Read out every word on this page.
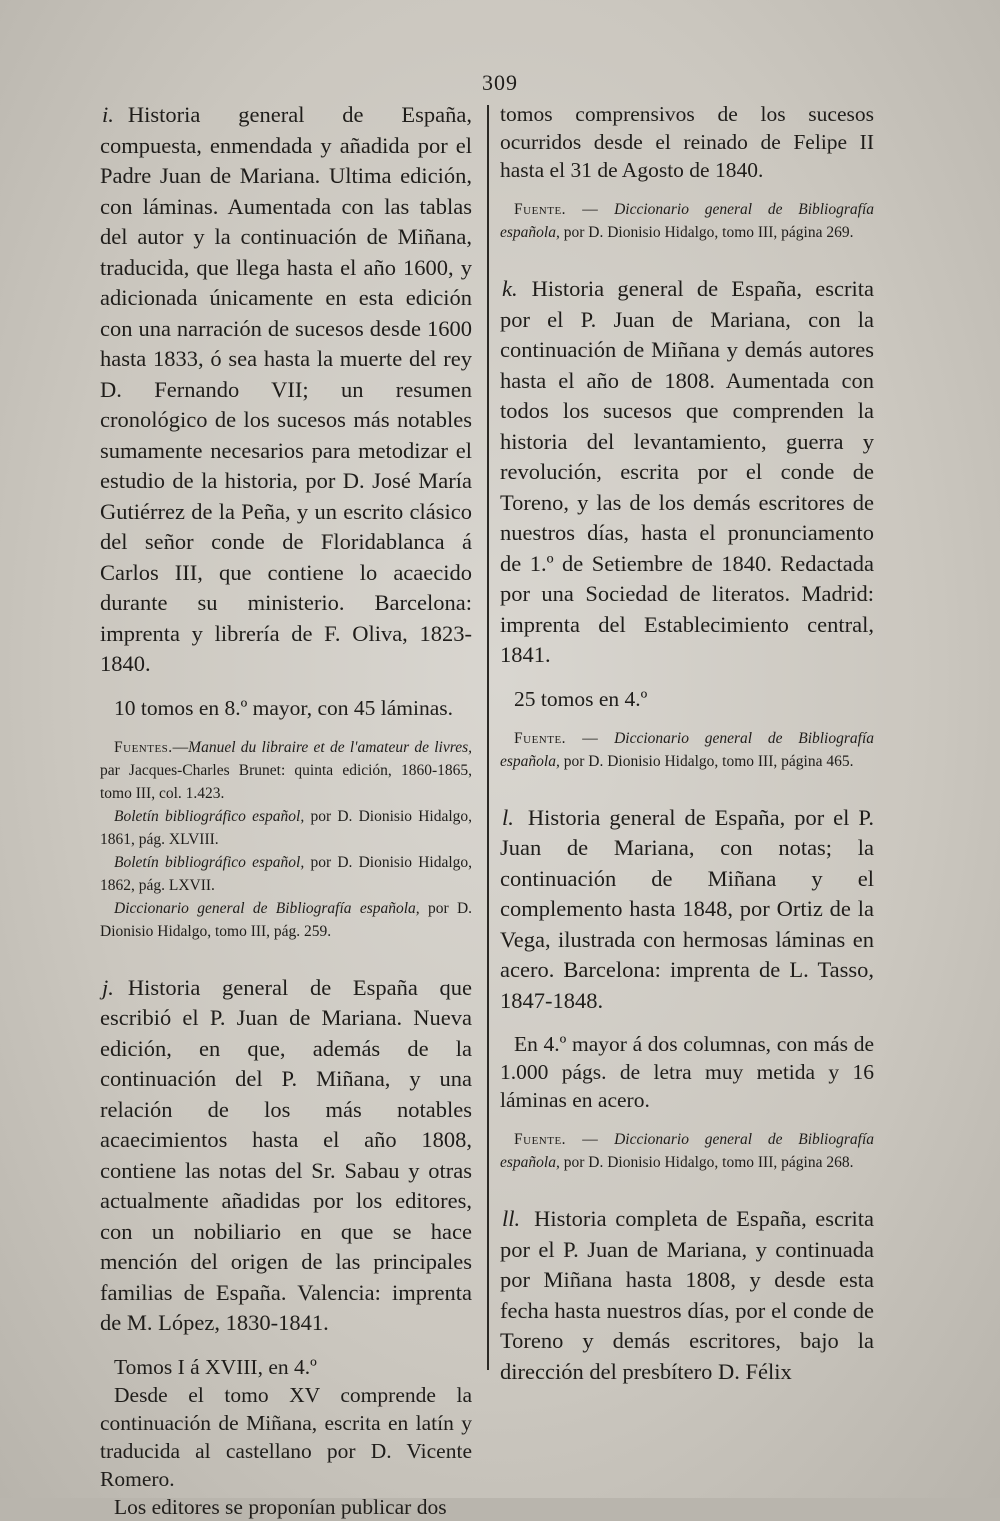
309
i. Historia general de España, compuesta, enmendada y añadida por el Padre Juan de Mariana. Ultima edición, con láminas. Aumentada con las tablas del autor y la continuación de Miñana, traducida, que llega hasta el año 1600, y adicionada únicamente en esta edición con una narración de sucesos desde 1600 hasta 1833, ó sea hasta la muerte del rey D. Fernando VII; un resumen cronológico de los sucesos más notables sumamente necesarios para metodizar el estudio de la historia, por D. José María Gutiérrez de la Peña, y un escrito clásico del señor conde de Floridablanca á Carlos III, que contiene lo acaecido durante su ministerio. Barcelona: imprenta y librería de F. Oliva, 1823-1840.
10 tomos en 8.º mayor, con 45 láminas.
Fuentes.—Manuel du libraire et de l'amateur de livres, par Jacques-Charles Brunet: quinta edición, 1860-1865, tomo III, col. 1.423.
Boletín bibliográfico español, por D. Dionisio Hidalgo, 1861, pág. XLVIII.
Boletín bibliográfico español, por D. Dionisio Hidalgo, 1862, pág. LXVII.
Diccionario general de Bibliografía española, por D. Dionisio Hidalgo, tomo III, pág. 259.
j. Historia general de España que escribió el P. Juan de Mariana. Nueva edición, en que, además de la continuación del P. Miñana, y una relación de los más notables acaecimientos hasta el año 1808, contiene las notas del Sr. Sabau y otras actualmente añadidas por los editores, con un nobiliario en que se hace mención del origen de las principales familias de España. Valencia: imprenta de M. López, 1830-1841.
Tomos I á XVIII, en 4.º
Desde el tomo XV comprende la continuación de Miñana, escrita en latín y traducida al castellano por D. Vicente Romero.
Los editores se proponían publicar dos
tomos comprensivos de los sucesos ocurridos desde el reinado de Felipe II hasta el 31 de Agosto de 1840.
Fuente. — Diccionario general de Bibliografía española, por D. Dionisio Hidalgo, tomo III, página 269.
k. Historia general de España, escrita por el P. Juan de Mariana, con la continuación de Miñana y demás autores hasta el año de 1808. Aumentada con todos los sucesos que comprenden la historia del levantamiento, guerra y revolución, escrita por el conde de Toreno, y las de los demás escritores de nuestros días, hasta el pronunciamento de 1.º de Setiembre de 1840. Redactada por una Sociedad de literatos. Madrid: imprenta del Establecimiento central, 1841.
25 tomos en 4.º
Fuente. — Diccionario general de Bibliografía española, por D. Dionisio Hidalgo, tomo III, página 465.
l. Historia general de España, por el P. Juan de Mariana, con notas; la continuación de Miñana y el complemento hasta 1848, por Ortiz de la Vega, ilustrada con hermosas láminas en acero. Barcelona: imprenta de L. Tasso, 1847-1848.
En 4.º mayor á dos columnas, con más de 1.000 págs. de letra muy metida y 16 láminas en acero.
Fuente. — Diccionario general de Bibliografía española, por D. Dionisio Hidalgo, tomo III, página 268.
ll. Historia completa de España, escrita por el P. Juan de Mariana, y continuada por Miñana hasta 1808, y desde esta fecha hasta nuestros días, por el conde de Toreno y demás escritores, bajo la dirección del presbítero D. Félix
